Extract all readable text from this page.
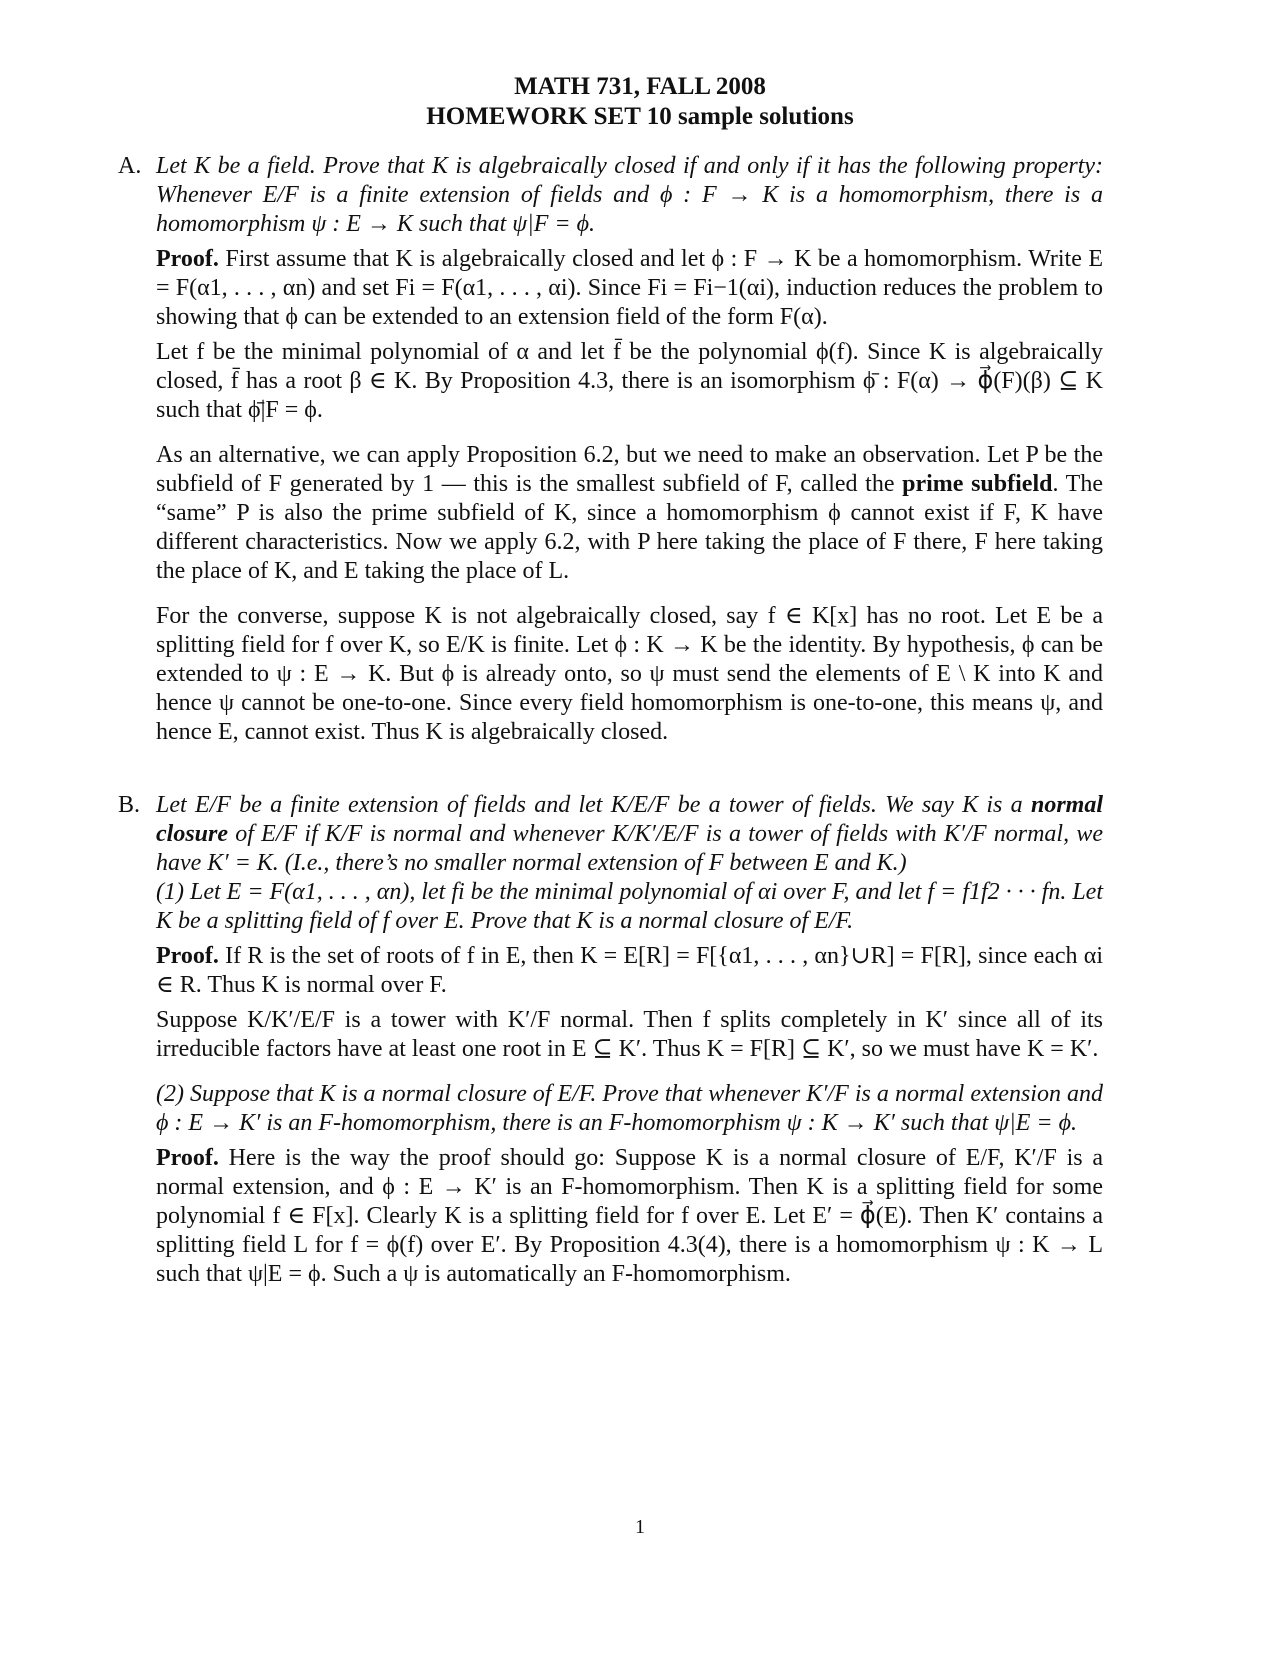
MATH 731, FALL 2008
HOMEWORK SET 10 sample solutions
A. Let K be a field. Prove that K is algebraically closed if and only if it has the following property: Whenever E/F is a finite extension of fields and ϕ : F → K is a homomorphism, there is a homomorphism ψ : E → K such that ψ|F = ϕ.
Proof. First assume that K is algebraically closed and let ϕ : F → K be a homomorphism. Write E = F(α1, . . . , αn) and set Fi = F(α1, . . . , αi). Since Fi = Fi−1(αi), induction reduces the problem to showing that ϕ can be extended to an extension field of the form F(α).
Let f be the minimal polynomial of α and let f̄ be the polynomial ϕ(f). Since K is algebraically closed, f̄ has a root β ∈ K. By Proposition 4.3, there is an isomorphism ϕ̄ : F(α) → ϕ⃗(F)(β) ⊆ K such that ϕ̄|F = ϕ.
As an alternative, we can apply Proposition 6.2, but we need to make an observation. Let P be the subfield of F generated by 1 — this is the smallest subfield of F, called the prime subfield. The “same” P is also the prime subfield of K, since a homomorphism ϕ cannot exist if F, K have different characteristics. Now we apply 6.2, with P here taking the place of F there, F here taking the place of K, and E taking the place of L.
For the converse, suppose K is not algebraically closed, say f ∈ K[x] has no root. Let E be a splitting field for f over K, so E/K is finite. Let ϕ : K → K be the identity. By hypothesis, ϕ can be extended to ψ : E → K. But ϕ is already onto, so ψ must send the elements of E \ K into K and hence ψ cannot be one-to-one. Since every field homomorphism is one-to-one, this means ψ, and hence E, cannot exist. Thus K is algebraically closed.
B. Let E/F be a finite extension of fields and let K/E/F be a tower of fields. We say K is a normal closure of E/F if K/F is normal and whenever K/K′/E/F is a tower of fields with K′/F normal, we have K′ = K. (I.e., there’s no smaller normal extension of F between E and K.)
(1) Let E = F(α1, . . . , αn), let fi be the minimal polynomial of αi over F, and let f = f1f2 · · · fn. Let K be a splitting field of f over E. Prove that K is a normal closure of E/F.
Proof. If R is the set of roots of f in E, then K = E[R] = F[{α1, . . . , αn}∪R] = F[R], since each αi ∈ R. Thus K is normal over F.
Suppose K/K′/E/F is a tower with K′/F normal. Then f splits completely in K′ since all of its irreducible factors have at least one root in E ⊆ K′. Thus K = F[R] ⊆ K′, so we must have K = K′.
(2) Suppose that K is a normal closure of E/F. Prove that whenever K′/F is a normal extension and ϕ : E → K′ is an F-homomorphism, there is an F-homomorphism ψ : K → K′ such that ψ|E = ϕ.
Proof. Here is the way the proof should go: Suppose K is a normal closure of E/F, K′/F is a normal extension, and ϕ : E → K′ is an F-homomorphism. Then K is a splitting field for some polynomial f ∈ F[x]. Clearly K is a splitting field for f over E. Let E′ = ϕ⃗(E). Then K′ contains a splitting field L for f = ϕ(f) over E′. By Proposition 4.3(4), there is a homomorphism ψ : K → L such that ψ|E = ϕ. Such a ψ is automatically an F-homomorphism.
1
